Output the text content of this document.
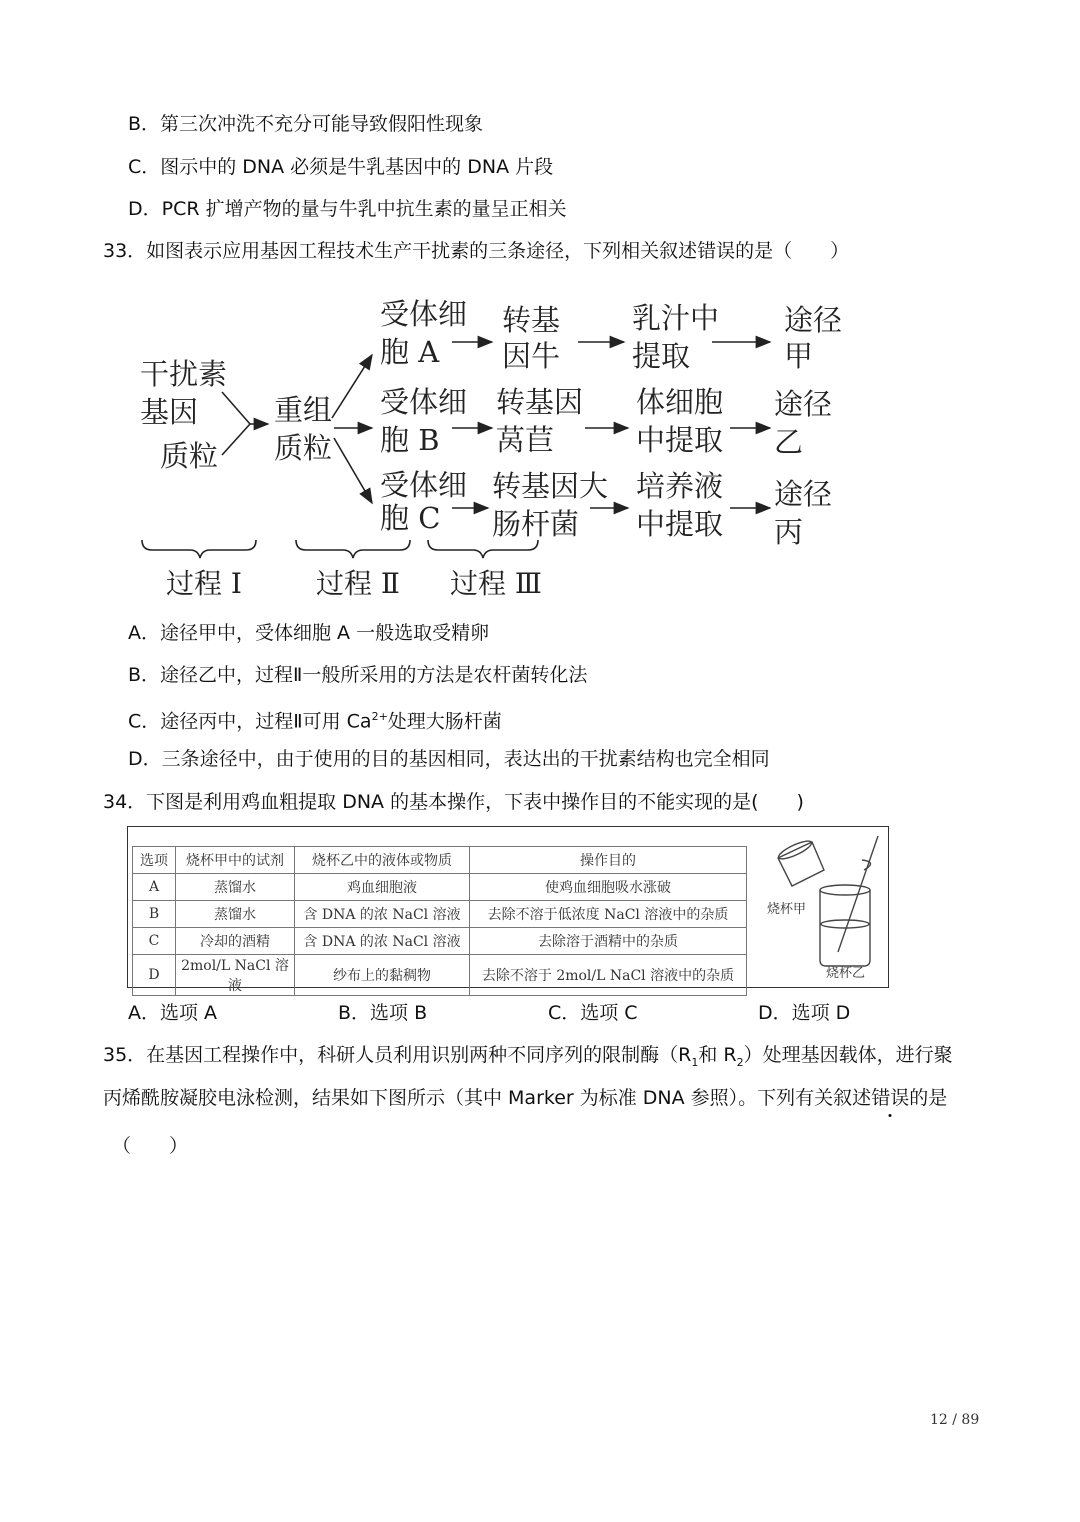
B．第三次冲洗不充分可能导致假阳性现象
C．图示中的 DNA 必须是牛乳基因中的 DNA 片段
D．PCR 扩增产物的量与牛乳中抗生素的量呈正相关
33．如图表示应用基因工程技术生产干扰素的三条途径，下列相关叙述错误的是（　　）
干扰素
基因
质粒
重组
质粒
受体细
胞 A
受体细
胞 B
受体细
胞 C
转基
因牛
转基因
莴苣
转基因大
肠杆菌
乳汁中
提取
体细胞
中提取
培养液
中提取
途径
甲
途径
乙
途径
丙
过程 Ⅰ	过程 Ⅱ 过程 Ⅲ
A．途径甲中，受体细胞 A 一般选取受精卵
B．途径乙中，过程Ⅱ一般所采用的方法是农杆菌转化法
C．途径丙中，过程Ⅱ可用 $Ca^{2+}$处理大肠杆菌
D．三条途径中，由于使用的目的基因相同，表达出的干扰素结构也完全相同
34．下图是利用鸡血粗提取 DNA 的基本操作，下表中操作目的不能实现的是(　　)
选项	烧杯甲中的试剂	烧杯乙中的液体或物质	操作目的
A	蒸馏水	鸡血细胞液	使鸡血细胞吸水涨破
B	蒸馏水	含 DNA 的浓 NaCl 溶液	去除不溶于低浓度 NaCl 溶液中的杂质
C	冷却的酒精	含 DNA 的浓 NaCl 溶液	去除溶于酒精中的杂质
D	2mol/L NaCl 溶液	纱布上的黏稠物	去除不溶于 2mol/L NaCl 溶液中的杂质
烧杯甲
烧杯乙
A．选项 A	B．选项 B	C．选项 C	D．选项 D
35．在基因工程操作中，科研人员利用识别两种不同序列的限制酶（$R_1$和 $R_2$）处理基因载体，进行聚
丙烯酰胺凝胶电泳检测，结果如下图所示（其中 Marker 为标准 DNA 参照）。下列有关叙述错误的是
（　　）
12 / 89
